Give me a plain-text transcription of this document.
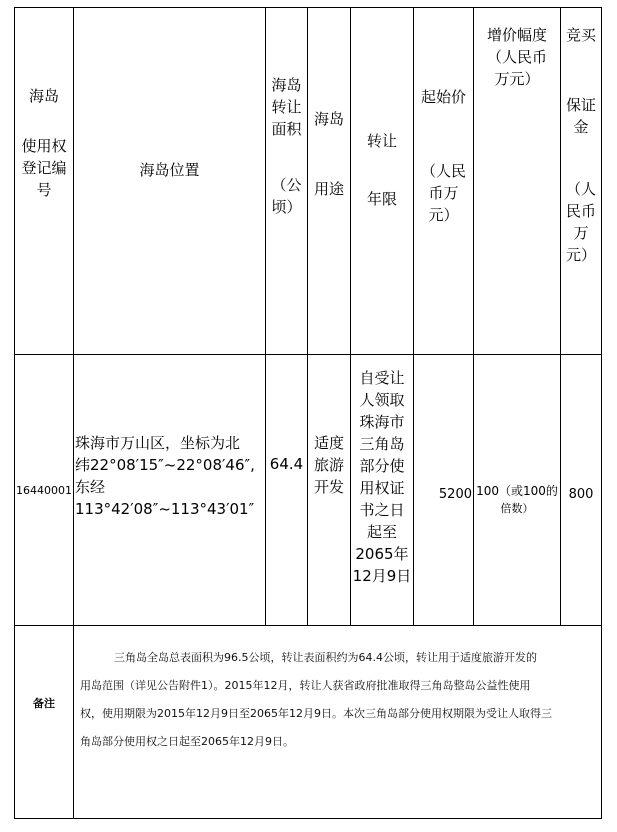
海岛
使用权
登记编
号
海岛位置
海岛
转让
面积
（公
顷）
海岛
用途
转让
年限
起始价
（人民
币万
元）
增价幅度
（人民币
万元）
竞买
保证
金
（人
民币
万
元）
16440001
珠海市万山区，坐标为北
纬22°08′15″~22°08′46″,
东经
113°42′08″~113°43′01″
64.4
适度
旅游
开发
自受让
人领取
珠海市
三角岛
部分使
用权证
书之日
起至
2065年
12月9日
5200 100（或100的
倍数）
800
备注
三角岛全岛总表面积为96.5公顷，转让表面积约为64.4公顷，转让用于适度旅游开发的
用岛范围（详见公告附件1）。2015年12月，转让人获省政府批准取得三角岛整岛公益性使用
权，使用期限为2015年12月9日至2065年12月9日。本次三角岛部分使用权期限为受让人取得三
角岛部分使用权之日起至2065年12月9日。
